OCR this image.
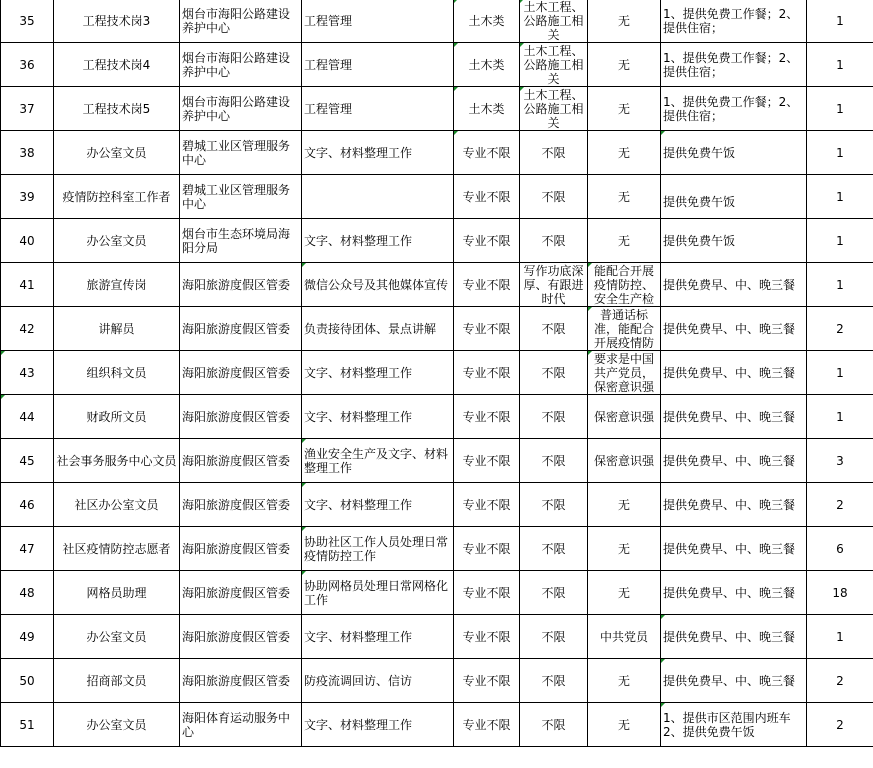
35	工程技术岗3	烟台市海阳公路建设养护中心	工程管理	土木类	土木工程、公路施工相关	无	1、提供免费工作餐；2、提供住宿；	1

36	工程技术岗4	烟台市海阳公路建设养护中心	工程管理	土木类	土木工程、公路施工相关	无	1、提供免费工作餐；2、提供住宿；	1

37	工程技术岗5	烟台市海阳公路建设养护中心	工程管理	土木类	土木工程、公路施工相关	无	1、提供免费工作餐；2、提供住宿；	1

38	办公室文员	碧城工业区管理服务中心	文字、材料整理工作	专业不限	不限	无	提供免费午饭	1

39	疫情防控科室工作者	碧城工业区管理服务中心		专业不限	不限	无	提供免费午饭	1

40	办公室文员	烟台市生态环境局海阳分局	文字、材料整理工作	专业不限	不限	无	提供免费午饭	1

41	旅游宣传岗	海阳旅游度假区管委	微信公众号及其他媒体宣传	专业不限	写作功底深厚、有跟进时代	能配合开展疫情防控、安全生产检	提供免费早、中、晚三餐	1

42	讲解员	海阳旅游度假区管委	负责接待团体、景点讲解	专业不限	不限	普通话标准，能配合开展疫情防	提供免费早、中、晚三餐	2

43	组织科文员	海阳旅游度假区管委	文字、材料整理工作	专业不限	不限	要求是中国共产党员，保密意识强	提供免费早、中、晚三餐	1

44	财政所文员	海阳旅游度假区管委	文字、材料整理工作	专业不限	不限	保密意识强	提供免费早、中、晚三餐	1

45	社会事务服务中心文员	海阳旅游度假区管委	渔业安全生产及文字、材料整理工作	专业不限	不限	保密意识强	提供免费早、中、晚三餐	3

46	社区办公室文员	海阳旅游度假区管委	文字、材料整理工作	专业不限	不限	无	提供免费早、中、晚三餐	2

47	社区疫情防控志愿者	海阳旅游度假区管委	协助社区工作人员处理日常疫情防控工作	专业不限	不限	无	提供免费早、中、晚三餐	6

48	网格员助理	海阳旅游度假区管委	协助网格员处理日常网格化工作	专业不限	不限	无	提供免费早、中、晚三餐	18

49	办公室文员	海阳旅游度假区管委	文字、材料整理工作	专业不限	不限	中共党员	提供免费早、中、晚三餐	1

50	招商部文员	海阳旅游度假区管委	防疫流调回访、信访	专业不限	不限	无	提供免费早、中、晚三餐	2

51	办公室文员	海阳体育运动服务中心	文字、材料整理工作	专业不限	不限	无	1、提供市区范围内班车2、提供免费午饭	2
